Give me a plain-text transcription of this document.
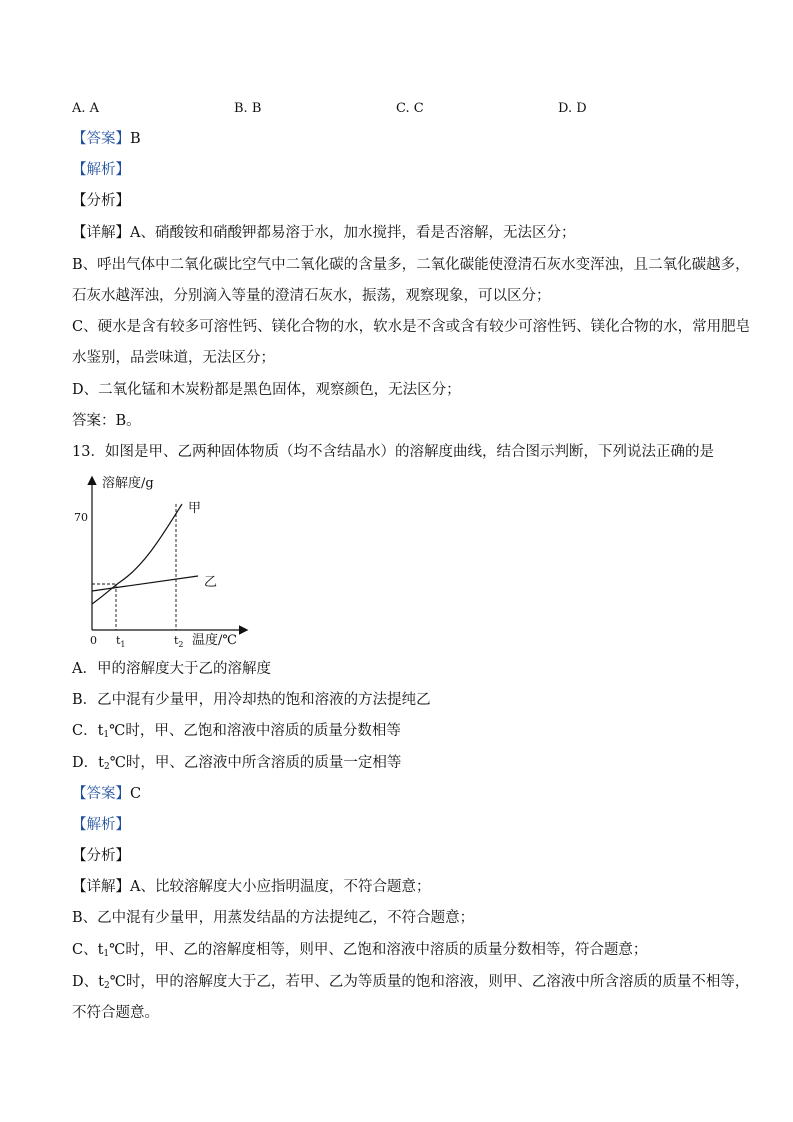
A. A	B. B	C. C	D. D
【答案】B
【解析】
【分析】
【详解】A、硝酸铵和硝酸钾都易溶于水，加水搅拌，看是否溶解，无法区分；
B、呼出气体中二氧化碳比空气中二氧化碳的含量多，二氧化碳能使澄清石灰水变浑浊，且二氧化碳越多，
石灰水越浑浊，分别滴入等量的澄清石灰水，振荡，观察现象，可以区分；
C、硬水是含有较多可溶性钙、镁化合物的水，软水是不含或含有较少可溶性钙、镁化合物的水，常用肥皂
水鉴别，品尝味道，无法区分；
D、二氧化锰和木炭粉都是黑色固体，观察颜色，无法区分；
答案：B。
13．如图是甲、乙两种固体物质（均不含结晶水）的溶解度曲线，结合图示判断，下列说法正确的是
溶解度/g
温度/℃
0
70
$t_1$	$t_2$
甲
乙
A．甲的溶解度大于乙的溶解度
B．乙中混有少量甲，用冷却热的饱和溶液的方法提纯乙
C．$t_1℃$时，甲、乙饱和溶液中溶质的质量分数相等
D．$t_2℃$时，甲、乙溶液中所含溶质的质量一定相等
【答案】C
【解析】
【分析】
【详解】A、比较溶解度大小应指明温度，不符合题意；
B、乙中混有少量甲，用蒸发结晶的方法提纯乙，不符合题意；
C、$t_1℃$时，甲、乙的溶解度相等，则甲、乙饱和溶液中溶质的质量分数相等，符合题意；
D、$t_2℃$时，甲的溶解度大于乙，若甲、乙为等质量的饱和溶液，则甲、乙溶液中所含溶质的质量不相等，
不符合题意。
